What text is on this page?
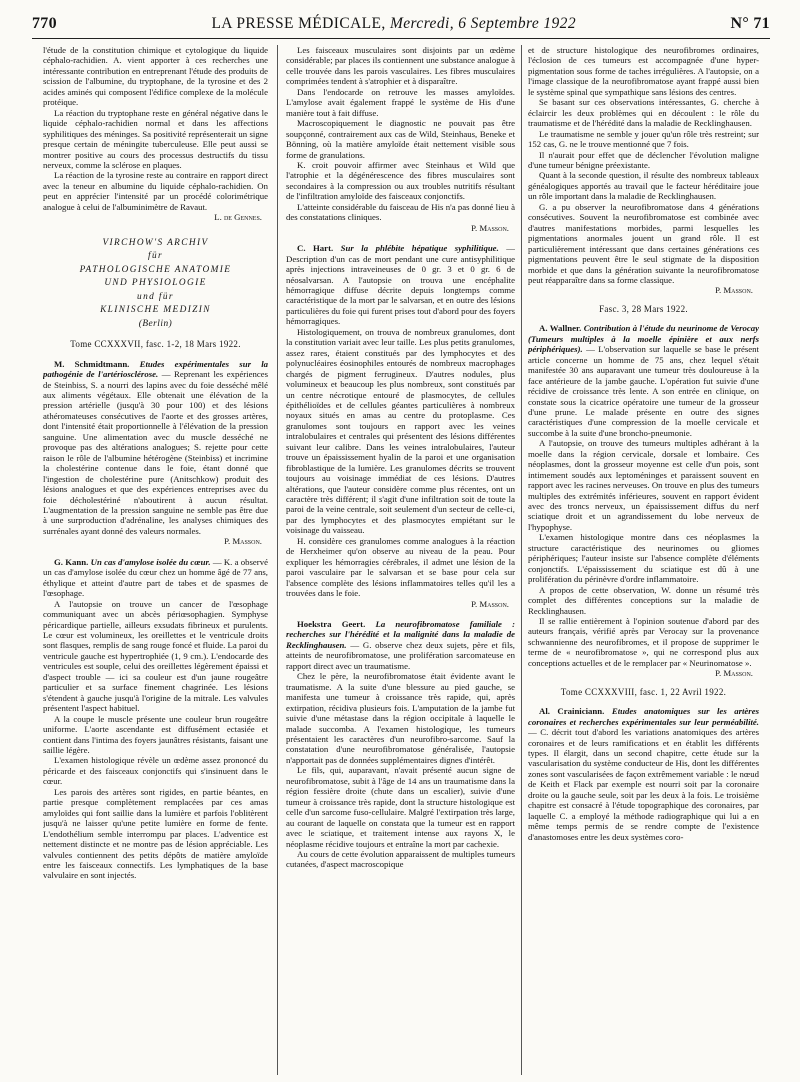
770	LA PRESSE MÉDICALE, Mercredi, 6 Septembre 1922	N° 71

l'étude de la constitution chimique et cytologique du liquide céphalo-rachidien. A. vient apporter à ces recherches une intéressante contribution en entreprenant l'étude des produits de scission de l'albumine, du tryptophane, de la tyrosine et des 2 acides aminés qui composent l'édifice complexe de la molécule protéique.

La réaction du tryptophane reste en général négative dans le liquide céphalo-rachidien normal et dans les affections syphilitiques des méninges. Sa positivité représenterait un signe presque certain de méningite tuberculeuse. Elle peut aussi se montrer positive au cours des processus destructifs du tissu nerveux, comme la sclérose en plaques.

La réaction de la tyrosine reste au contraire en rapport direct avec la teneur en albumine du liquide céphalo-rachidien. On peut en apprécier l'intensité par un procédé colorimétrique analogue à celui de l'albuminimètre de Ravaut.

L. de Gennes.

VIRCHOW'S ARCHIV
für
PATHOLOGISCHE ANATOMIE
UND PHYSIOLOGIE
und für
KLINISCHE MEDIZIN
(Berlin)
Tome CCXXXVII, fasc. 1-2, 18 Mars 1922.

M. Schmidtmann. Etudes expérimentales sur la pathogénie de l'artériosclérose. — Reprenant les expériences de Steinbiss, S. a nourri des lapins avec du foie desséché mêlé aux aliments végétaux. Elle obtenait une élévation de la pression artérielle (jusqu'à 30 pour 100) et des lésions athéromateuses consécutives de l'aorte et des grosses artères, dont l'intensité était proportionnelle à l'élévation de la pression sanguine. Une alimentation avec du muscle desséché ne provoque pas des altérations analogues; S. rejette pour cette raison le rôle de l'albumine hétérogène (Steinbiss) et incrimine la cholestérine contenue dans le foie, étant donné que l'ingestion de cholestérine pure (Anitschkow) produit des lésions analogues et que des expériences entreprises avec du foie décholestériné n'aboutirent à aucun résultat. L'augmentation de la pression sanguine ne semble pas être due à une surproduction d'adrénaline, les analyses chimiques des surrénales ayant donné des valeurs normales.

P. Masson.

G. Kann. Un cas d'amylose isolée du cœur. — K. a observé un cas d'amylose isolée du cœur chez un homme âgé de 77 ans, éthylique et atteint d'autre part de tabes et de spasmes de l'œsophage.

A l'autopsie on trouve un cancer de l'œsophage communiquant avec un abcès périœsophagien. Symphyse péricardique partielle, ailleurs exsudats fibrineux et purulents. Le cœur est volumineux, les oreillettes et le ventricule droits sont flasques, remplis de sang rouge foncé et fluide. La paroi du ventricule gauche est hypertrophiée (1, 9 cm.). L'endocarde des ventricules est souple, celui des oreillettes légèrement épaissi et d'aspect trouble — ici sa couleur est d'un jaune rougeâtre particulier et sa surface finement chagrinée. Les lésions s'étendent à gauche jusqu'à l'origine de la mitrale. Les valvules présentent l'aspect habituel.

A la coupe le muscle présente une couleur brun rougeâtre uniforme. L'aorte ascendante est diffusément ectasiée et contient dans l'intima des foyers jaunâtres résistants, faisant une saillie légère.

L'examen histologique révèle un œdème assez prononcé du péricarde et des faisceaux conjonctifs qui s'insinuent dans le cœur.

Les parois des artères sont rigides, en partie béantes, en partie presque complètement remplacées par ces amas amyloïdes qui font saillie dans la lumière et parfois l'oblitèrent jusqu'à ne laisser qu'une petite lumière en forme de fente. L'endothélium semble interrompu par places. L'adventice est nettement distincte et ne montre pas de lésion appréciable. Les valvules contiennent des petits dépôts de matière amyloïde entre les faisceaux connectifs. Les lymphatiques de la base valvulaire en sont injectés.

Les faisceaux musculaires sont disjoints par un œdème considérable; par places ils contiennent une substance analogue à celle trouvée dans les parois vasculaires. Les fibres musculaires comprimées tendent à s'atrophier et à disparaître.

Dans l'endocarde on retrouve les masses amyloïdes. L'amylose avait également frappé le système de His d'une manière tout à fait diffuse.

Macroscopiquement le diagnostic ne pouvait pas être soupçonné, contrairement aux cas de Wild, Steinhaus, Beneke et Bönning, où la matière amyloïde était nettement visible sous forme de granulations.

K. croit pouvoir affirmer avec Steinhaus et Wild que l'atrophie et la dégénérescence des fibres musculaires sont secondaires à la compression ou aux troubles nutritifs résultant de l'infiltration amyloïde des faisceaux conjonctifs.

L'atteinte considérable du faisceau de His n'a pas donné lieu à des constatations cliniques.

P. Masson.

C. Hart. Sur la phlébite hépatique syphilitique. — Description d'un cas de mort pendant une cure antisyphilitique après injections intraveineuses de 0 gr. 3 et 0 gr. 6 de néosalvarsan. A l'autopsie on trouva une encéphalite hémorragique diffuse décrite depuis longtemps comme caractéristique de la mort par le salvarsan, et en outre des lésions particulières du foie qui furent prises tout d'abord pour des foyers hémorragiques.

Histologiquement, on trouva de nombreux granulomes, dont la constitution variait avec leur taille. Les plus petits granulomes, assez rares, étaient constitués par des lymphocytes et des polynucléaires éosinophiles entourés de nombreux macrophages chargés de pigment ferrugineux. D'autres nodules, plus volumineux et beaucoup les plus nombreux, sont constitués par un centre nécrotique entouré de plasmocytes, de cellules épithélioïdes et de cellules géantes particulières à nombreux noyaux situés en amas au centre du protoplasme. Ces granulomes sont toujours en rapport avec les veines intralobulaires et centrales qui présentent des lésions différentes suivant leur calibre. Dans les veines intralobulaires, l'auteur trouve un épaississement hyalin de la paroi et une organisation fibroblastique de la lumière. Les granulomes décrits se trouvent toujours au voisinage immédiat de ces lésions. D'autres altérations, que l'auteur considère comme plus récentes, ont un caractère très différent; il s'agit d'une infiltration soit de toute la paroi de la veine centrale, soit seulement d'un secteur de celle-ci, par des lymphocytes et des plasmocytes empiétant sur le voisinage du vaisseau.

H. considère ces granulomes comme analogues à la réaction de Herxheimer qu'on observe au niveau de la peau. Pour expliquer les hémorragies cérébrales, il admet une lésion de la paroi vasculaire par le salvarsan et se base pour cela sur l'absence complète des lésions inflammatoires telles qu'il les a trouvées dans le foie.

P. Masson.

Hoekstra Geert. La neurofibromatose familiale : recherches sur l'hérédité et la malignité dans la maladie de Recklinghausen. — G. observe chez deux sujets, père et fils, atteints de neurofibromatose, une prolifération sarcomateuse en rapport direct avec un traumatisme.

Chez le père, la neurofibromatose était évidente avant le traumatisme. A la suite d'une blessure au pied gauche, se manifesta une tumeur à croissance très rapide, qui, après extirpation, récidiva plusieurs fois. L'amputation de la jambe fut suivie d'une métastase dans la région occipitale à laquelle le malade succomba. A l'examen histologique, les tumeurs présentaient les caractères d'un neurofibro-sarcome. Sauf la constatation d'une neurofibromatose généralisée, l'autopsie n'apportait pas de données supplémentaires dignes d'intérêt.

Le fils, qui, auparavant, n'avait présenté aucun signe de neurofibromatose, subit à l'âge de 14 ans un traumatisme dans la région fessière droite (chute dans un escalier), suivie d'une tumeur à croissance très rapide, dont la structure histologique est celle d'un sarcome fuso-cellulaire. Malgré l'extirpation très large, au courant de laquelle on constata que la tumeur est en rapport avec le sciatique, et traitement intense aux rayons X, le néoplasme récidive toujours et entraîne la mort par cachexie.

Au cours de cette évolution apparaissent de multiples tumeurs cutanées, d'aspect macroscopique

et de structure histologique des neurofibromes ordinaires, l'éclosion de ces tumeurs est accompagnée d'une hyper-pigmentation sous forme de taches irrégulières. A l'autopsie, on a l'image classique de la neurofibromatose ayant frappé aussi bien le système spinal que sympathique sans lésions des centres.

Se basant sur ces observations intéressantes, G. cherche à éclaircir les deux problèmes qui en découlent : le rôle du traumatisme et de l'hérédité dans la maladie de Recklinghausen.

Le traumatisme ne semble y jouer qu'un rôle très restreint; sur 152 cas, G. ne le trouve mentionné que 7 fois.

Il n'aurait pour effet que de déclencher l'évolution maligne d'une tumeur bénigne préexistante.

Quant à la seconde question, il résulte des nombreux tableaux généalogiques apportés au travail que le facteur héréditaire joue un rôle important dans la maladie de Recklinghausen.

G. a pu observer la neurofibromatose dans 4 générations consécutives. Souvent la neurofibromatose est combinée avec d'autres manifestations morbides, parmi lesquelles les pigmentations anormales jouent un grand rôle. Il est particulièrement intéressant que dans certaines générations ces pigmentations peuvent être le seul stigmate de la disposition morbide et que dans la génération suivante la neurofibromatose peut réapparaître dans sa forme classique.

P. Masson.

Fasc. 3, 28 Mars 1922.

A. Wallner. Contribution à l'étude du neurinome de Verocay (Tumeurs multiples à la moelle épinière et aux nerfs périphériques). — L'observation sur laquelle se base le présent article concerne un homme de 75 ans, chez lequel s'était manifestée 30 ans auparavant une tumeur très douloureuse à la face antérieure de la jambe gauche. L'opération fut suivie d'une récidive de croissance très lente. A son entrée en clinique, on constate sous la cicatrice opératoire une tumeur de la grosseur d'une prune. Le malade présente en outre des signes caractéristiques d'une compression de la moelle cervicale et succombe à la suite d'une broncho-pneumonie.

A l'autopsie, on trouve des tumeurs multiples adhérant à la moelle dans la région cervicale, dorsale et lombaire. Ces néoplasmes, dont la grosseur moyenne est celle d'un pois, sont intimement soudés aux leptoméninges et paraissent souvent en rapport avec les racines nerveuses. On trouve en plus des tumeurs multiples des extrémités inférieures, souvent en rapport évident avec des troncs nerveux, un épaississement diffus du nerf sciatique droit et un agrandissement du lobe nerveux de l'hypophyse.

L'examen histologique montre dans ces néoplasmes la structure caractéristique des neurinomes ou gliomes périphériques; l'auteur insiste sur l'absence complète d'éléments conjonctifs. L'épaississement du sciatique est dû à une prolifération du périnèvre d'ordre inflammatoire.

A propos de cette observation, W. donne un résumé très complet des différentes conceptions sur la maladie de Recklinghausen.

Il se rallie entièrement à l'opinion soutenue d'abord par des auteurs français, vérifié après par Verocay sur la provenance schwannienne des neurofibromes, et il propose de supprimer le terme de « neurofibromatose », qui ne correspond plus aux conceptions actuelles et de le remplacer par « Neurinomatose ».

P. Masson.

Tome CCXXXVIII, fasc. 1, 22 Avril 1922.

Al. Crainiciann. Etudes anatomiques sur les artères coronaires et recherches expérimentales sur leur perméabilité. — C. décrit tout d'abord les variations anatomiques des artères coronaires et de leurs ramifications et en établit les différents types. Il élargit, dans un second chapitre, cette étude sur la vascularisation du système conducteur de His, dont les différentes zones sont vascularisées de façon extrêmement variable : le nœud de Keith et Flack par exemple est nourri soit par la coronaire droite ou la gauche seule, soit par les deux à la fois. Le troisième chapitre est consacré à l'étude topographique des coronaires, par laquelle C. a employé la méthode radiographique qui lui a en même temps permis de se rendre compte de l'existence d'anastomoses entre les deux systèmes coro-
